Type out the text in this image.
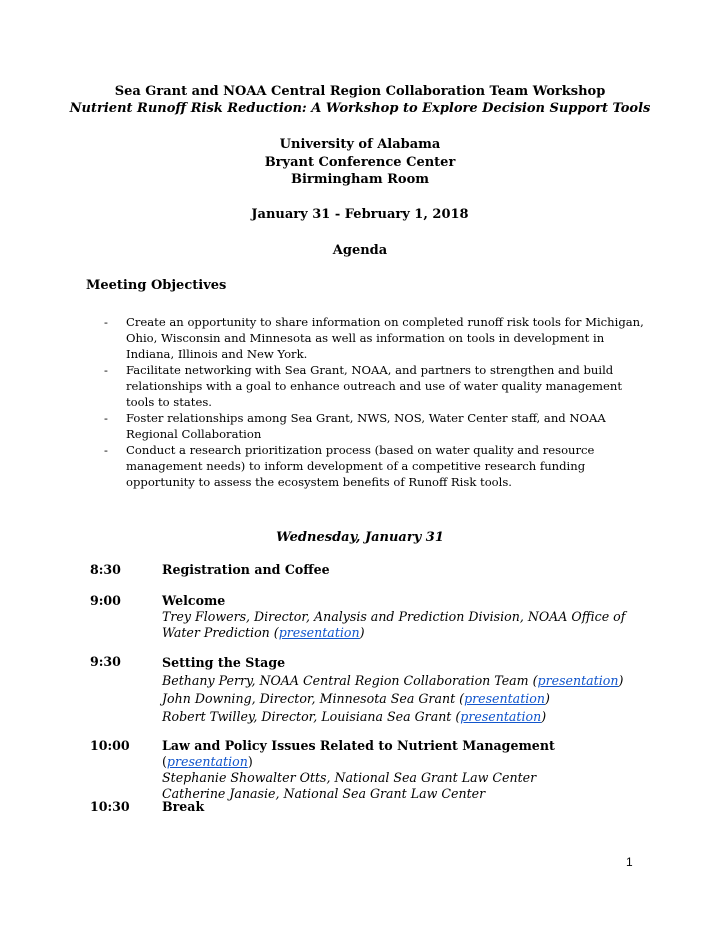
Sea Grant and NOAA Central Region Collaboration Team Workshop
Nutrient Runoff Risk Reduction: A Workshop to Explore Decision Support Tools
University of Alabama
Bryant Conference Center
Birmingham Room
January 31 - February 1, 2018
Agenda
Meeting Objectives
-	Create an opportunity to share information on completed runoff risk tools for Michigan, Ohio, Wisconsin and Minnesota as well as information on tools in development in Indiana, Illinois and New York.
-	Facilitate networking with Sea Grant, NOAA, and partners to strengthen and build relationships with a goal to enhance outreach and use of water quality management tools to states.
-	Foster relationships among Sea Grant, NWS, NOS, Water Center staff, and NOAA Regional Collaboration
-	Conduct a research prioritization process (based on water quality and resource management needs) to inform development of a competitive research funding opportunity to assess the ecosystem benefits of Runoff Risk tools.
Wednesday, January 31
8:30	Registration and Coffee
9:00	Welcome
Trey Flowers, Director, Analysis and Prediction Division, NOAA Office of Water Prediction (presentation)
9:30	Setting the Stage
Bethany Perry, NOAA Central Region Collaboration Team (presentation)
John Downing, Director, Minnesota Sea Grant (presentation)
Robert Twilley, Director, Louisiana Sea Grant (presentation)
10:00	Law and Policy Issues Related to Nutrient Management (presentation)
Stephanie Showalter Otts, National Sea Grant Law Center
Catherine Janasie, National Sea Grant Law Center
10:30	Break
1
